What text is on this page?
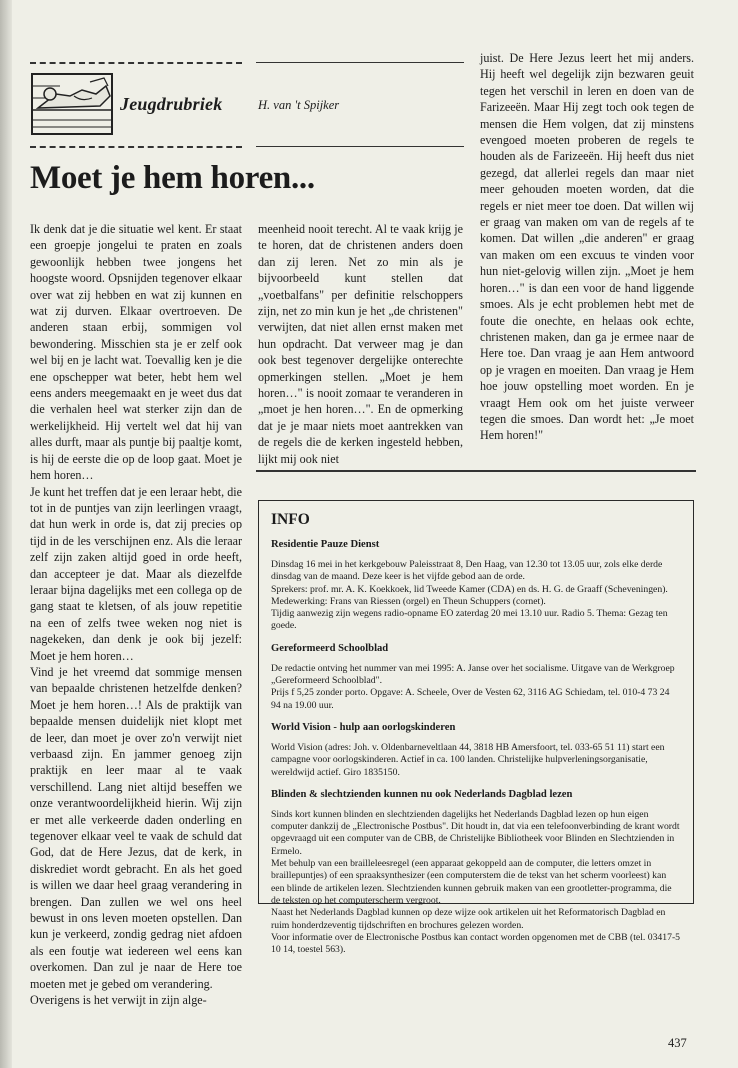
Jeugdrubriek	H. van 't Spijker
Moet je hem horen...

Ik denk dat je die situatie wel kent. Er staat een groepje jongelui te praten en zoals gewoonlijk hebben twee jongens het hoogste woord. Opsnijden tegenover elkaar over wat zij hebben en wat zij kunnen en wat zij durven. Elkaar overtroeven. De anderen staan erbij, sommigen vol bewondering. Misschien sta je er zelf ook wel bij en je lacht wat. Toevallig ken je die ene opschepper wat beter, hebt hem wel eens anders meegemaakt en je weet dus dat die verhalen heel wat sterker zijn dan de werkelijkheid. Hij vertelt wel dat hij van alles durft, maar als puntje bij paaltje komt, is hij de eerste die op de loop gaat. Moet je hem horen…

Je kunt het treffen dat je een leraar hebt, die tot in de puntjes van zijn leerlingen vraagt, dat hun werk in orde is, dat zij precies op tijd in de les verschijnen enz. Als die leraar zelf zijn zaken altijd goed in orde heeft, dan accepteer je dat. Maar als diezelfde leraar bijna dagelijks met een collega op de gang staat te kletsen, of als jouw repetitie na een of zelfs twee weken nog niet is nagekeken, dan denk je ook bij jezelf: Moet je hem horen…

Vind je het vreemd dat sommige mensen van bepaalde christenen hetzelfde denken? Moet je hem horen…! Als de praktijk van bepaalde mensen duidelijk niet klopt met de leer, dan moet je over zo'n verwijt niet verbaasd zijn. En jammer genoeg zijn praktijk en leer maar al te vaak verschillend. Lang niet altijd beseffen we onze verantwoordelijkheid hierin. Wij zijn er met alle verkeerde daden onderling en tegenover elkaar veel te vaak de schuld dat God, dat de Here Jezus, dat de kerk, in diskrediet wordt gebracht. En als het goed is willen we daar heel graag verandering in brengen. Dan zullen we wel ons heel bewust in ons leven moeten opstellen. Dan kun je verkeerd, zondig gedrag niet afdoen als een foutje wat iedereen wel eens kan overkomen. Dan zul je naar de Here toe moeten met je gebed om verandering.

Overigens is het verwijt in zijn alge-

meenheid nooit terecht. Al te vaak krijg je te horen, dat de christenen anders doen dan zij leren. Net zo min als je bijvoorbeeld kunt stellen dat „voetbalfans" per definitie relschoppers zijn, net zo min kun je het „de christenen" verwijten, dat niet allen ernst maken met hun opdracht. Dat verweer mag je dan ook best tegenover dergelijke onterechte opmerkingen stellen. „Moet je hem horen…" is nooit zomaar te veranderen in „moet je hen horen…". En de opmerking dat je je maar niets moet aantrekken van de regels die de kerken ingesteld hebben, lijkt mij ook niet

juist. De Here Jezus leert het mij anders. Hij heeft wel degelijk zijn bezwaren geuit tegen het verschil in leren en doen van de Farizeeën. Maar Hij zegt toch ook tegen de mensen die Hem volgen, dat zij minstens evengoed moeten proberen de regels te houden als de Farizeeën. Hij heeft dus niet gezegd, dat allerlei regels dan maar niet meer gehouden moeten worden, dat die regels er niet meer toe doen. Dat willen wij er graag van maken om van de regels af te komen. Dat willen „die anderen" er graag van maken om een excuus te vinden voor hun niet-gelovig willen zijn. „Moet je hem horen…" is dan een voor de hand liggende smoes. Als je echt problemen hebt met de foute die onechte, en helaas ook echte, christenen maken, dan ga je ermee naar de Here toe. Dan vraag je aan Hem antwoord op je vragen en moeiten. Dan vraag je Hem hoe jouw opstelling moet worden. En je vraagt Hem ook om het juiste verweer tegen die smoes. Dan wordt het: „Je moet Hem horen!"

INFO
Residentie Pauze Dienst
Dinsdag 16 mei in het kerkgebouw Paleisstraat 8, Den Haag, van 12.30 tot 13.05 uur, zols elke derde dinsdag van de maand. Deze keer is het vijfde gebod aan de orde.
Sprekers: prof. mr. A. K. Koekkoek, lid Tweede Kamer (CDA) en ds. H. G. de Graaff (Scheveningen). Medewerking: Frans van Riessen (orgel) en Theun Schuppers (cornet).
Tijdig aanwezig zijn wegens radio-opname EO zaterdag 20 mei 13.10 uur. Radio 5. Thema: Gezag ten goede.
Gereformeerd Schoolblad
De redactie ontving het nummer van mei 1995: A. Janse over het socialisme. Uitgave van de Werkgroep „Gereformeerd Schoolblad".
Prijs f 5,25 zonder porto. Opgave: A. Scheele, Over de Vesten 62, 3116 AG Schiedam, tel. 010-4 73 24 94 na 19.00 uur.
World Vision - hulp aan oorlogskinderen
World Vision (adres: Joh. v. Oldenbarneveltlaan 44, 3818 HB Amersfoort, tel. 033-65 51 11) start een campagne voor oorlogskinderen. Actief in ca. 100 landen. Christelijke hulpverleningsorganisatie, wereldwijd actief. Giro 1835150.
Blinden & slechtzienden kunnen nu ook Nederlands Dagblad lezen
Sinds kort kunnen blinden en slechtzienden dagelijks het Nederlands Dagblad lezen op hun eigen computer dankzij de „Electronische Postbus". Dit houdt in, dat via een telefoonverbinding de krant wordt opgevraagd uit een computer van de CBB, de Christelijke Bibliotheek voor Blinden en Slechtzienden in Ermelo.
Met behulp van een brailleleesregel (een apparaat gekoppeld aan de computer, die letters omzet in braillepuntjes) of een spraaksynthesizer (een computerstem die de tekst van het scherm voorleest) kan een blinde de artikelen lezen. Slechtzienden kunnen gebruik maken van een grootletter-programma, die de teksten op het computerscherm vergroot.
Naast het Nederlands Dagblad kunnen op deze wijze ook artikelen uit het Reformatorisch Dagblad en ruim honderdzeventig tijdschriften en brochures gelezen worden.
Voor informatie over de Electronische Postbus kan contact worden opgenomen met de CBB (tel. 03417-5 10 14, toestel 563).
437
